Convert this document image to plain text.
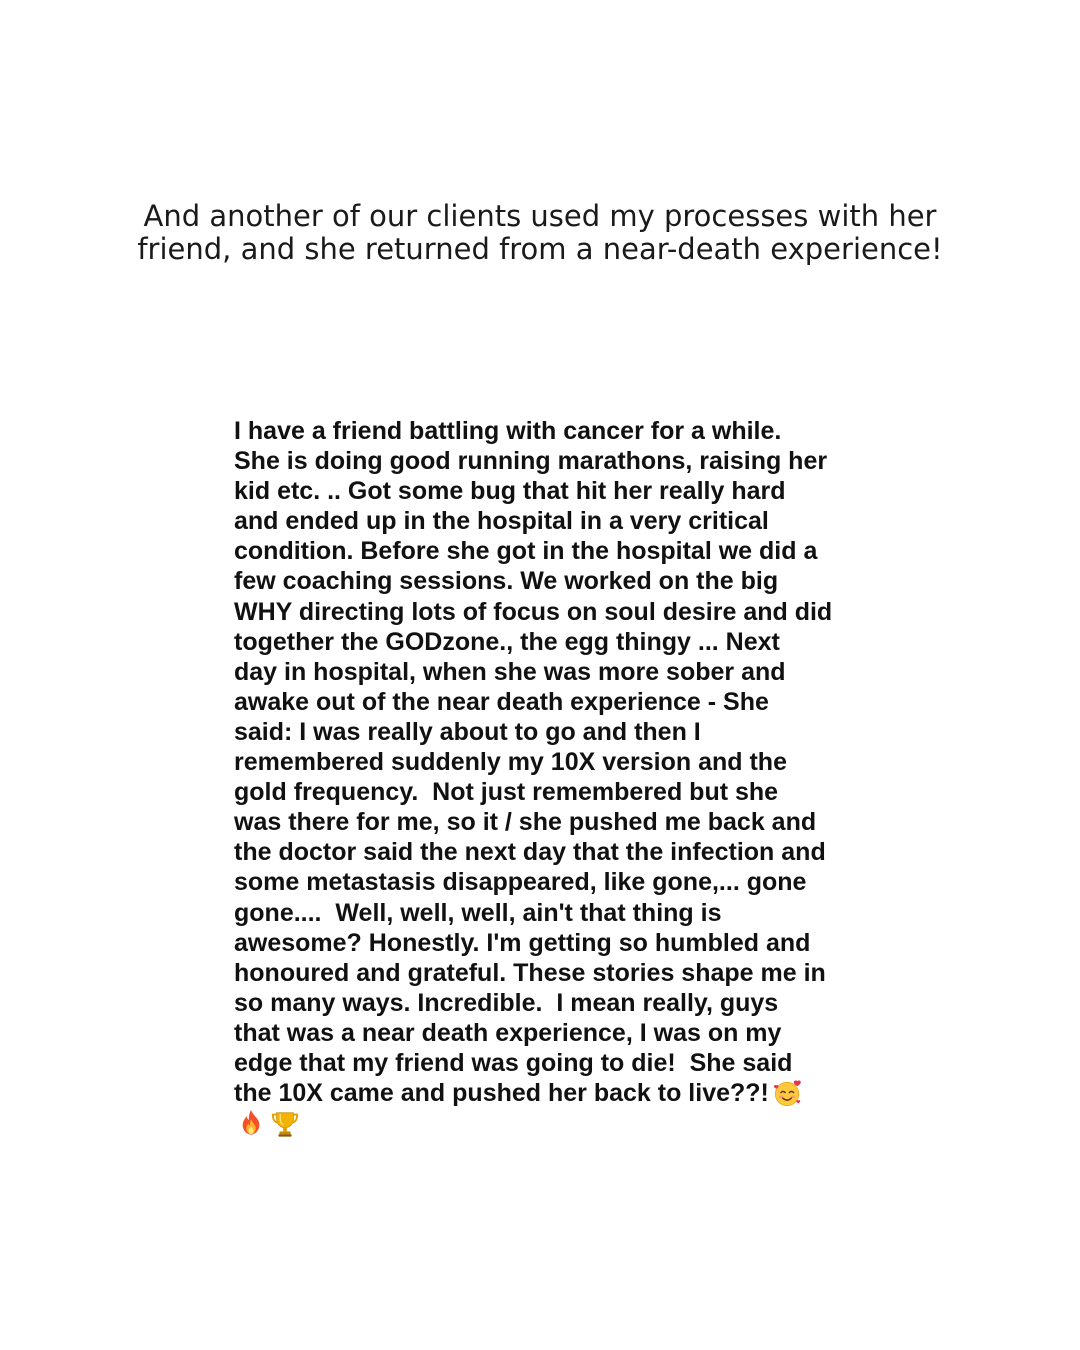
And another of our clients used my processes with her
friend, and she returned from a near-death experience!

I have a friend battling with cancer for a while.
She is doing good running marathons, raising her
kid etc. .. Got some bug that hit her really hard
and ended up in the hospital in a very critical
condition. Before she got in the hospital we did a
few coaching sessions. We worked on the big
WHY directing lots of focus on soul desire and did
together the GODzone., the egg thingy ... Next
day in hospital, when she was more sober and
awake out of the near death experience - She
said: I was really about to go and then I
remembered suddenly my 10X version and the
gold frequency.  Not just remembered but she
was there for me, so it / she pushed me back and
the doctor said the next day that the infection and
some metastasis disappeared, like gone,... gone
gone....  Well, well, well, ain't that thing is
awesome? Honestly. I'm getting so humbled and
honoured and grateful. These stories shape me in
so many ways. Incredible.  I mean really, guys
that was a near death experience, I was on my
edge that my friend was going to die!  She said
the 10X came and pushed her back to live??!
